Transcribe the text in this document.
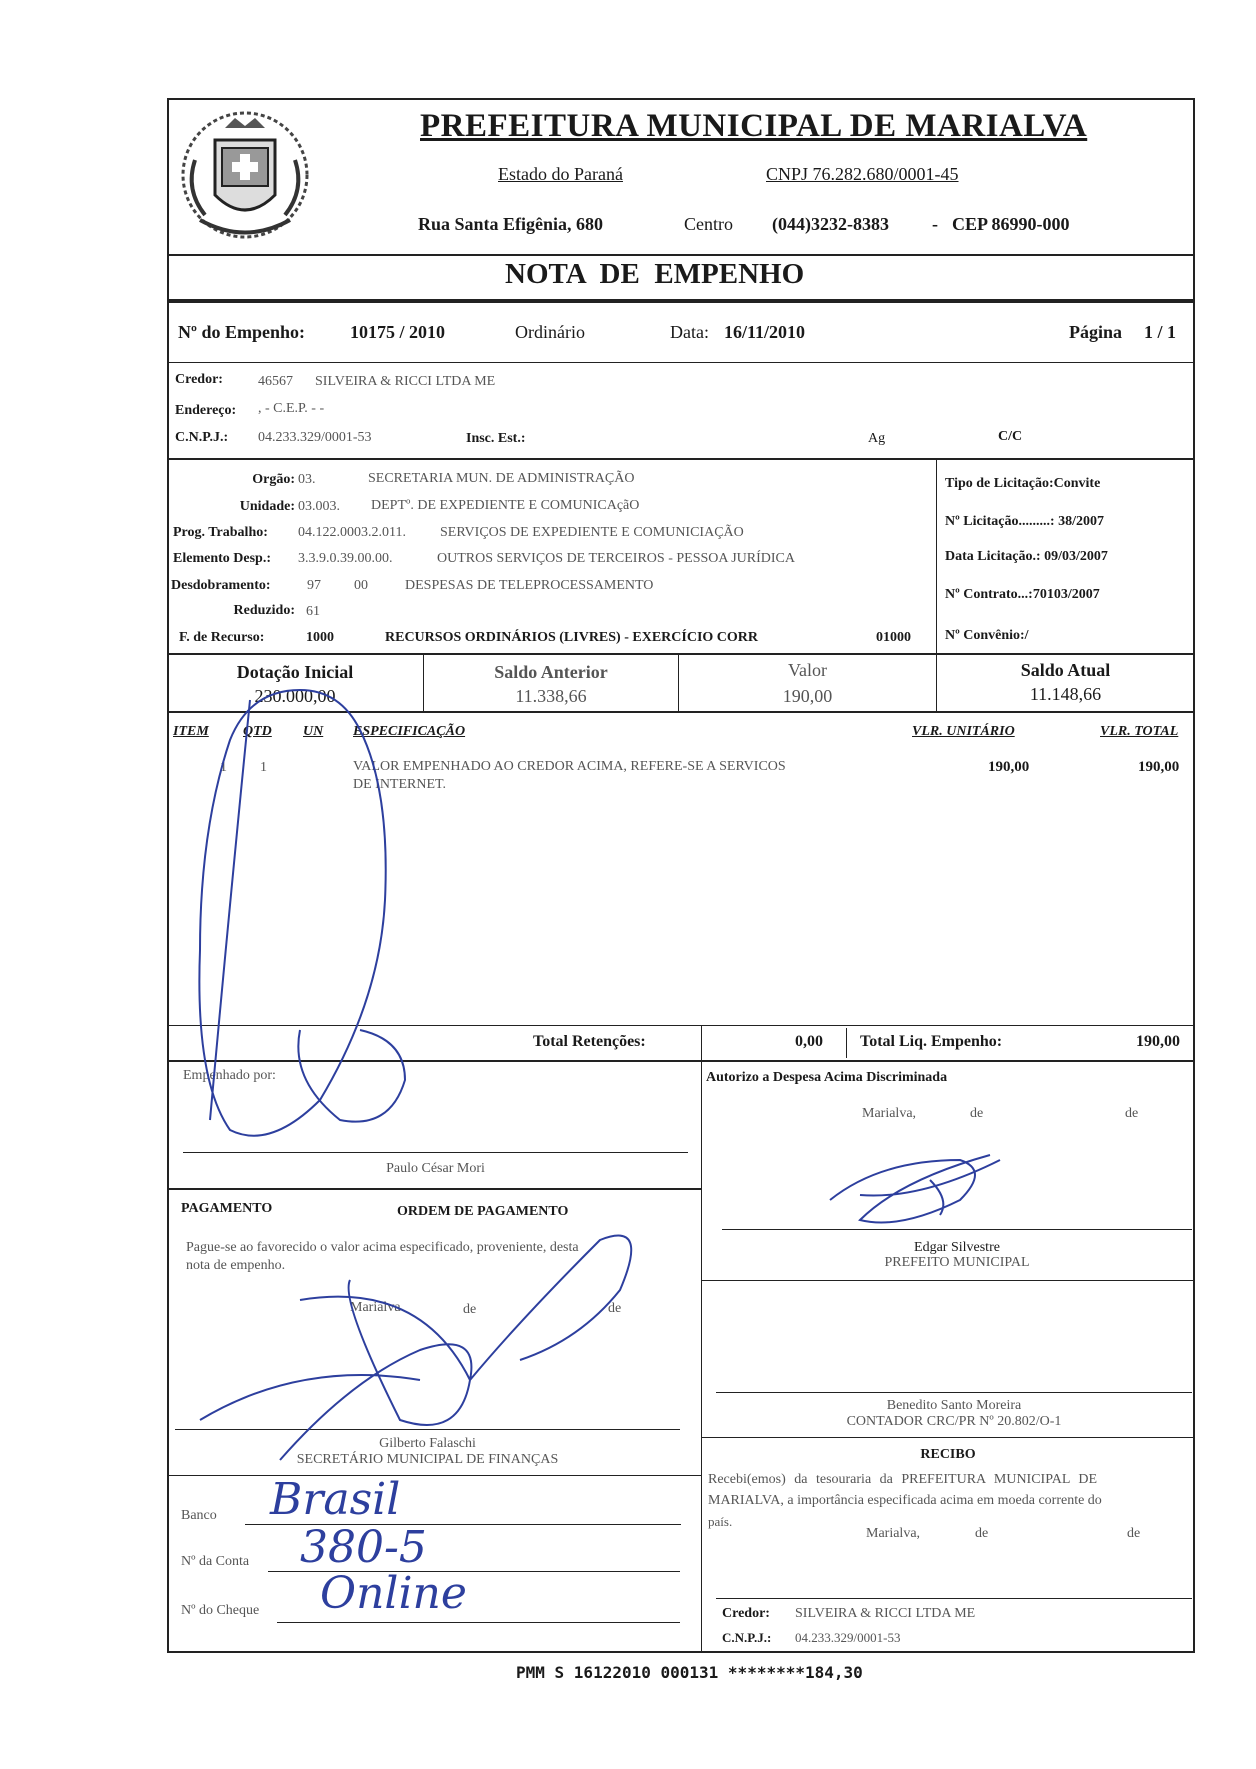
PREFEITURA MUNICIPAL DE MARIALVA
Estado do Paraná	CNPJ 76.282.680/0001-45
Rua Santa Efigênia, 680	Centro (044)3232-8383 - CEP 86990-000
NOTA  DE  EMPENHO
Nº do Empenho:	10175 / 2010	Ordinário	Data: 16/11/2010	Página 1 / 1
Credor:	46567 SILVEIRA & RICCI LTDA ME
Endereço: , - C.E.P. - -
C.N.P.J.: 04.233.329/0001-53	Insc. Est.:	Ag	C/C
Orgão: 03.	SECRETARIA MUN. DE ADMINISTRAÇÃO
Unidade: 03.003. DEPTº. DE EXPEDIENTE E COMUNICAçãO
Prog. Trabalho: 04.122.0003.2.011. SERVIÇOS DE EXPEDIENTE E COMUNICIAÇÃO
Elemento Desp.: 3.3.9.0.39.00.00.	OUTROS SERVIÇOS DE TERCEIROS - PESSOA JURÍDICA
Desdobramento:	97 00	DESPESAS DE TELEPROCESSAMENTO
Reduzido: 61
F. de Recurso:	1000	RECURSOS ORDINÁRIOS (LIVRES) - EXERCÍCIO CORR	01000
Tipo de Licitação:Convite
Nº Licitação.........: 38/2007
Data Licitação.: 09/03/2007
Nº Contrato...:70103/2007
Nº Convênio:/
Dotação Inicial
230.000,00
Saldo Anterior
11.338,66
Valor
190,00
Saldo Atual
11.148,66
ITEM QTD UN ESPECIFICAÇÃO	VLR. UNITÁRIO	VLR. TOTAL
1 1	VALOR EMPENHADO AO CREDOR ACIMA, REFERE-SE A SERVICOS
DE INTERNET.
190,00	190,00
Total Retenções:	0,00 Total Liq. Empenho:	190,00
Empenhado por:
Paulo César Mori
Autorizo a Despesa Acima Discriminada
Marialva,	de	de
Edgar Silvestre
PREFEITO MUNICIPAL
Benedito Santo Moreira
CONTADOR CRC/PR Nº 20.802/O-1
PAGAMENTO	ORDEM DE PAGAMENTO
Pague-se ao favorecido o valor acima especificado, proveniente, desta
nota de empenho.
Marialva	de	de
Gilberto Falaschi
SECRETÁRIO MUNICIPAL DE FINANÇAS
Banco Brasil
Nº da Conta 380-5
Nº do Cheque Online
RECIBO
Recebi(emos) da tesouraria da PREFEITURA MUNICIPAL DE
MARIALVA, a importância especificada acima em moeda corrente do
país.
Marialva,	de	de
Credor: SILVEIRA & RICCI LTDA ME
C.N.P.J.: 04.233.329/0001-53
PMM S 16122010 000131 ********184,30
